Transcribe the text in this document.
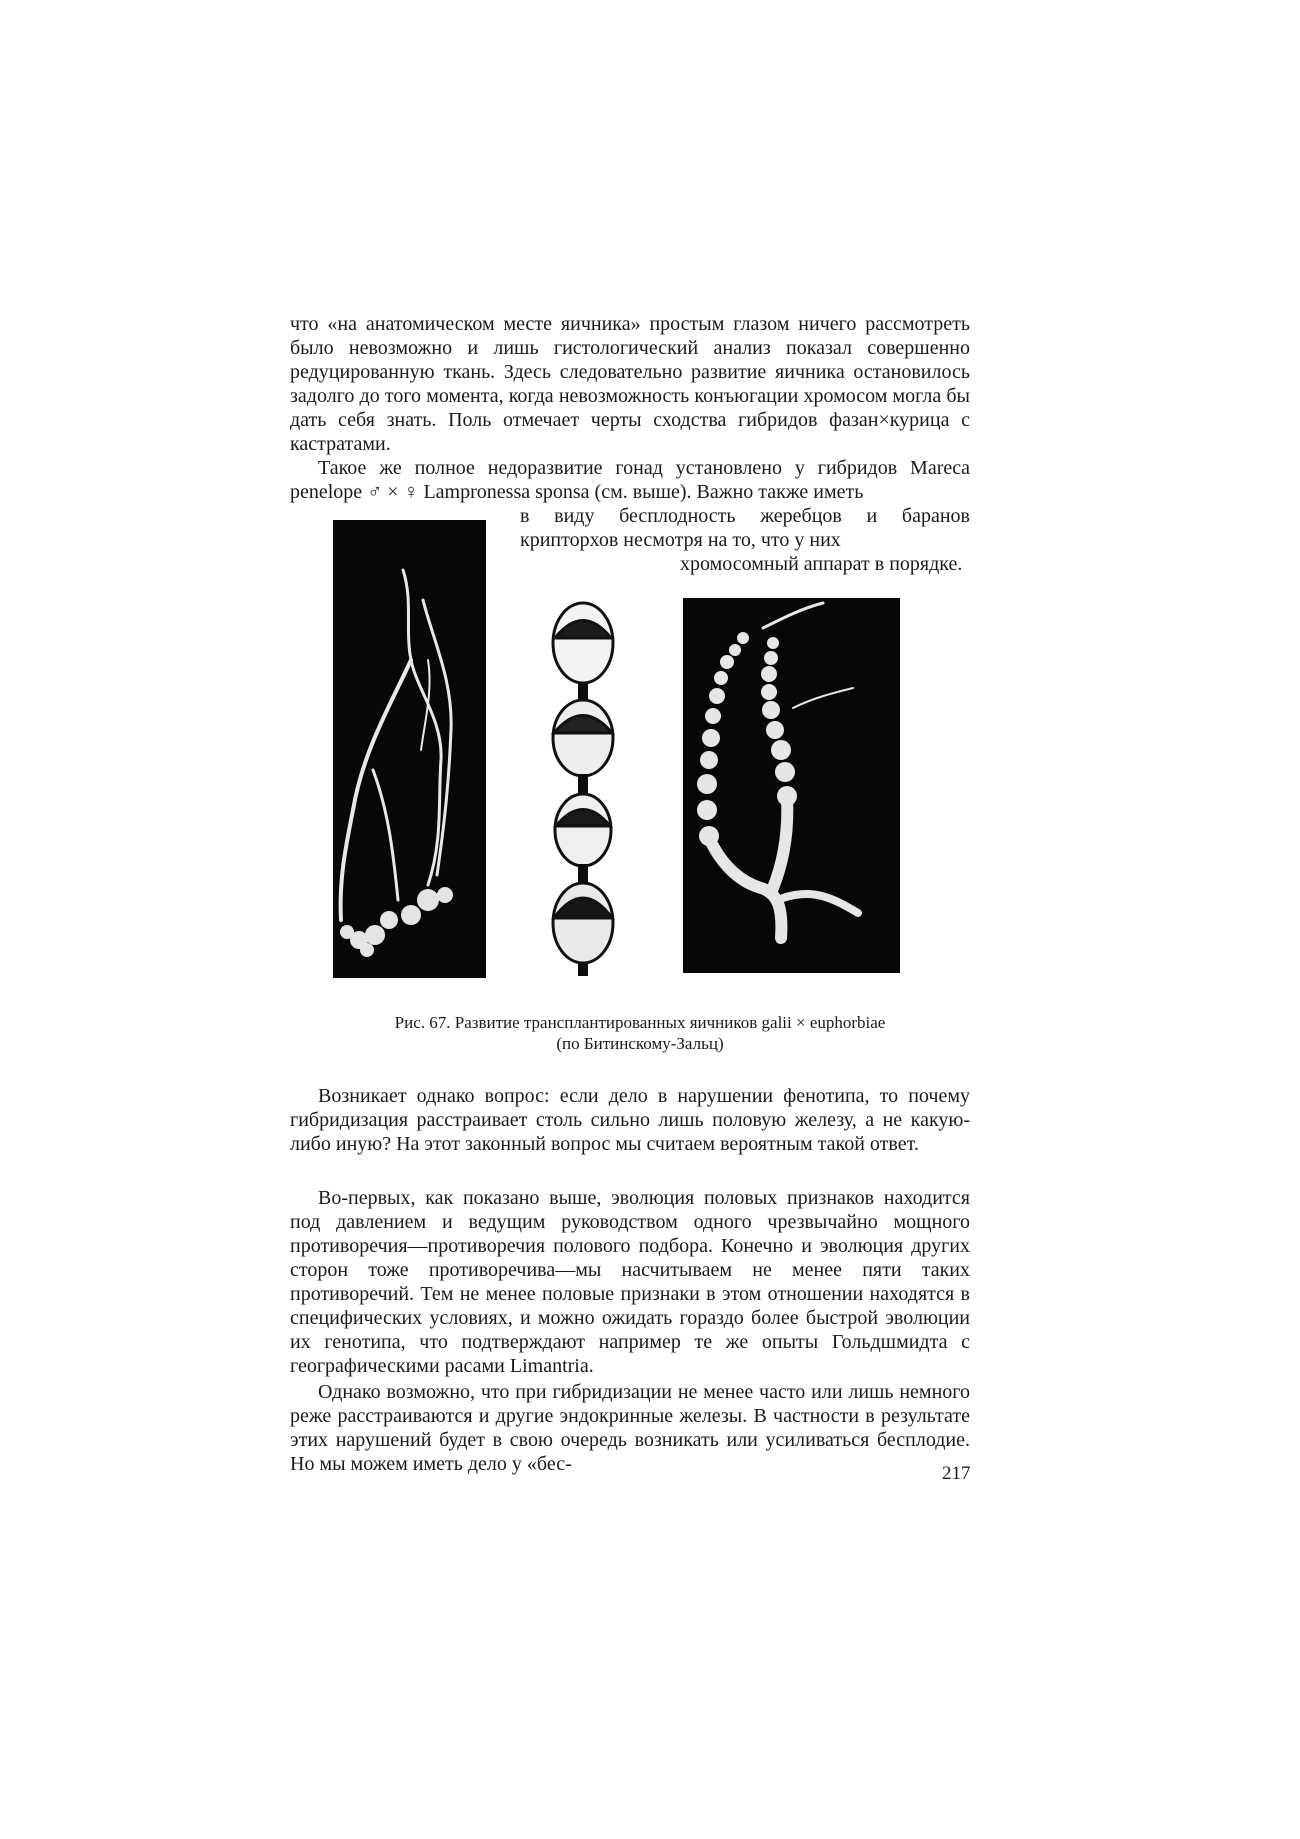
что «на анатомическом месте яичника» простым глазом ничего рассмотреть было невозможно и лишь гистологический анализ показал совершенно редуцированную ткань. Здесь следовательно развитие яичника остановилось задолго до того момента, когда невозможность конъюгации хромосом могла бы дать себя знать. Поль отмечает черты сходства гибридов фазан×курица с кастратами.

Такое же полное недоразвитие гонад установлено у гибридов Mareca penelope ♂ × ♀ Lampronessa sponsa (см. выше). Важно также иметь

в виду бесплодность жеребцов и баранов крипторхов несмотря на то, что у них

хромосомный аппарат в порядке.

Рис. 67. Развитие трансплантированных яичников galii × euphorbiae
(по Битинскому-Зальц)

Возникает однако вопрос: если дело в нарушении фенотипа, то почему гибридизация расстраивает столь сильно лишь половую железу, а не какую-либо иную? На этот законный вопрос мы считаем вероятным такой ответ.

Во-первых, как показано выше, эволюция половых признаков находится под давлением и ведущим руководством одного чрезвычайно мощного противоречия—противоречия полового подбора. Конечно и эволюция других сторон тоже противоречива—мы насчитываем не менее пяти таких противоречий. Тем не менее половые признаки в этом отношении находятся в специфических условиях, и можно ожидать гораздо более быстрой эволюции их генотипа, что подтверждают например те же опыты Гольдшмидта с географическими расами Limantria.

Однако возможно, что при гибридизации не менее часто или лишь немного реже расстраиваются и другие эндокринные железы. В частности в результате этих нарушений будет в свою очередь возникать или усиливаться бесплодие. Но мы можем иметь дело у «бес-	217
